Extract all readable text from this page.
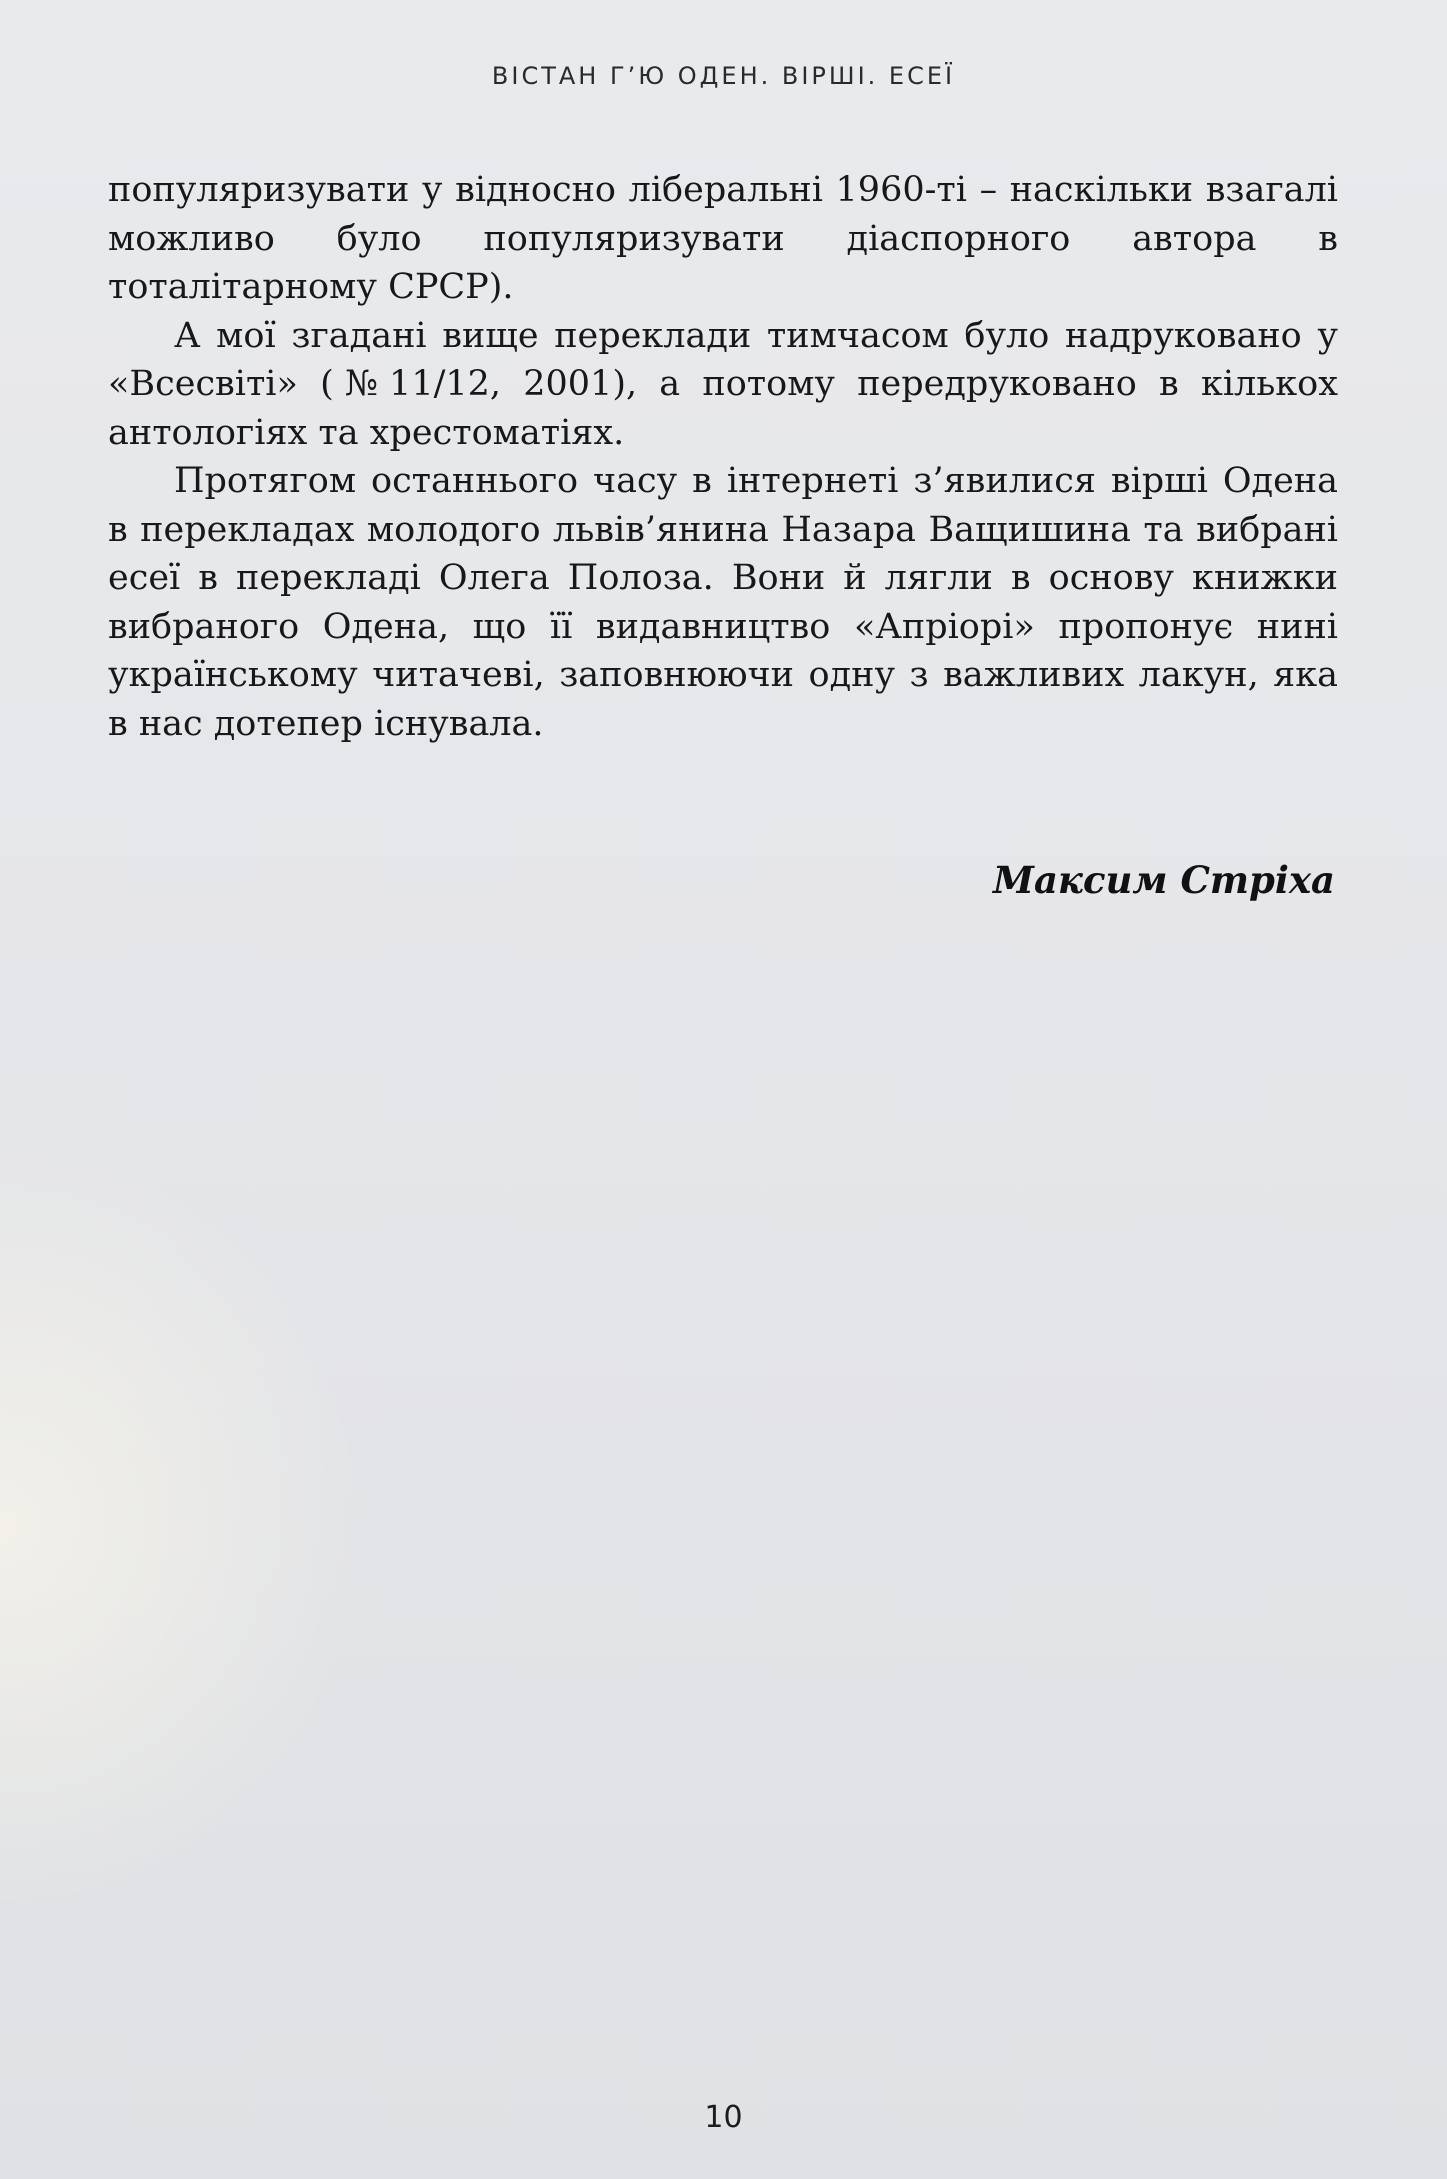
ВІСТАН Г’Ю ОДЕН. ВІРШІ. ЕСЕЇ

популяризувати у відносно ліберальні 1960-ті – наскільки взагалі можливо було популяризувати діаспорного автора в тоталітарному СРСР).

А мої згадані вище переклади тимчасом було надруковано у «Всесвіті» (№11/12, 2001), а потому передруковано в кількох антологіях та хрестоматіях.

Протягом останнього часу в інтернеті з’явилися вірші Одена в перекладах молодого львів’янина Назара Ващишина та вибрані есеї в перекладі Олега Полоза. Вони й лягли в основу книжки вибраного Одена, що її видавництво «Апріорі» пропонує нині українському читачеві, заповнюючи одну з важливих лакун, яка в нас дотепер існувала.

Максим Стріха
10
